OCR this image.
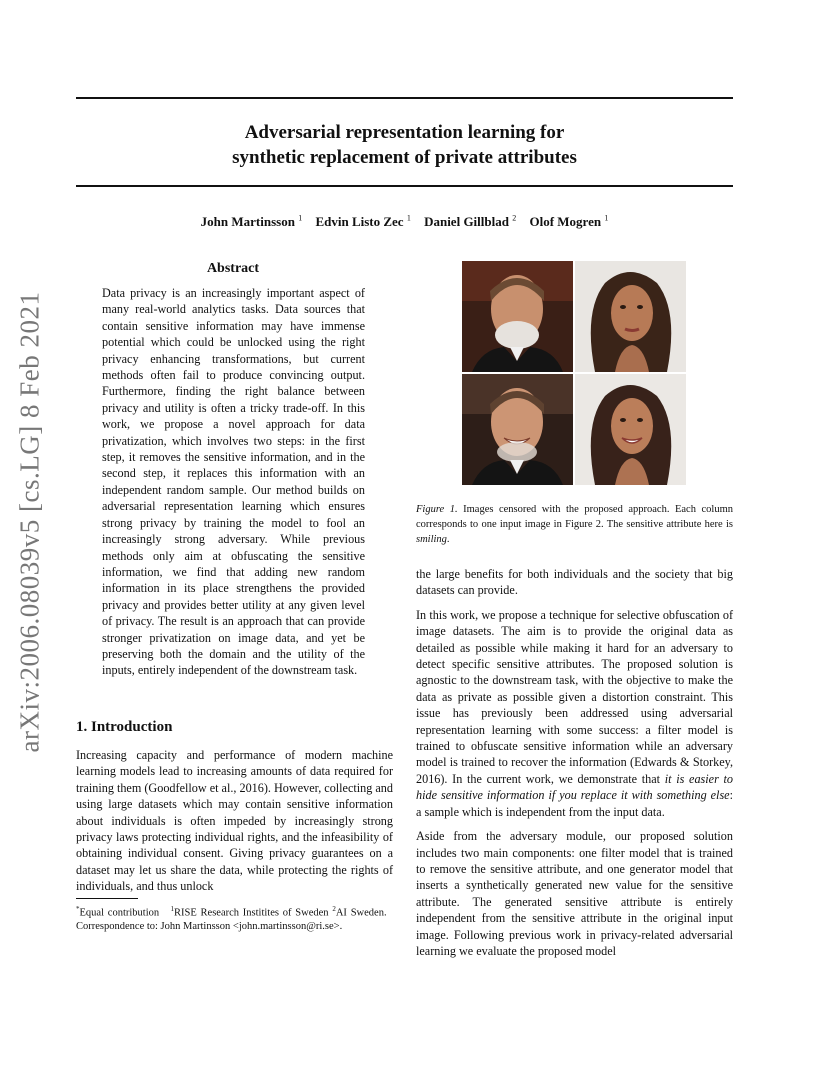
Adversarial representation learning for
synthetic replacement of private attributes
John Martinsson $^1$ Edvin Listo Zec $^1$ Daniel Gillblad $^2$ Olof Mogren $^1$
arXiv:2006.08039v5 [cs.LG] 8 Feb 2021
Abstract

Data privacy is an increasingly important aspect of many real-world analytics tasks. Data sources that contain sensitive information may have immense potential which could be unlocked using the right privacy enhancing transformations, but current methods often fail to produce convincing output. Furthermore, finding the right balance between privacy and utility is often a tricky trade-off. In this work, we propose a novel approach for data privatization, which involves two steps: in the first step, it removes the sensitive information, and in the second step, it replaces this information with an independent random sample. Our method builds on adversarial representation learning which ensures strong privacy by training the model to fool an increasingly strong adversary. While previous methods only aim at obfuscating the sensitive information, we find that adding new random information in its place strengthens the provided privacy and provides better utility at any given level of privacy. The result is an approach that can provide stronger privatization on image data, and yet be preserving both the domain and the utility of the inputs, entirely independent of the downstream task.

1. Introduction

Increasing capacity and performance of modern machine learning models lead to increasing amounts of data required for training them (Goodfellow et al., 2016). However, collecting and using large datasets which may contain sensitive information about individuals is often impeded by increasingly strong privacy laws protecting individual rights, and the infeasibility of obtaining individual consent. Giving privacy guarantees on a dataset may let us share the data, while protecting the rights of individuals, and thus unlock

*Equal contribution $^1$RISE Research Institites of Sweden $^2$AI Sweden.   Correspondence to: John Martinsson <john.martinsson@ri.se>.
Figure 1. Images censored with the proposed approach. Each column corresponds to one input image in Figure 2. The sensitive attribute here is smiling.

the large benefits for both individuals and the society that big datasets can provide.

In this work, we propose a technique for selective obfuscation of image datasets. The aim is to provide the original data as detailed as possible while making it hard for an adversary to detect specific sensitive attributes. The proposed solution is agnostic to the downstream task, with the objective to make the data as private as possible given a distortion constraint. This issue has previously been addressed using adversarial representation learning with some success: a filter model is trained to obfuscate sensitive information while an adversary model is trained to recover the information (Edwards & Storkey, 2016). In the current work, we demonstrate that it is easier to hide sensitive information if you replace it with something else: a sample which is independent from the input data.

Aside from the adversary module, our proposed solution includes two main components: one filter model that is trained to remove the sensitive attribute, and one generator model that inserts a synthetically generated new value for the sensitive attribute. The generated sensitive attribute is entirely independent from the sensitive attribute in the original input image. Following previous work in privacy-related adversarial learning we evaluate the proposed model
